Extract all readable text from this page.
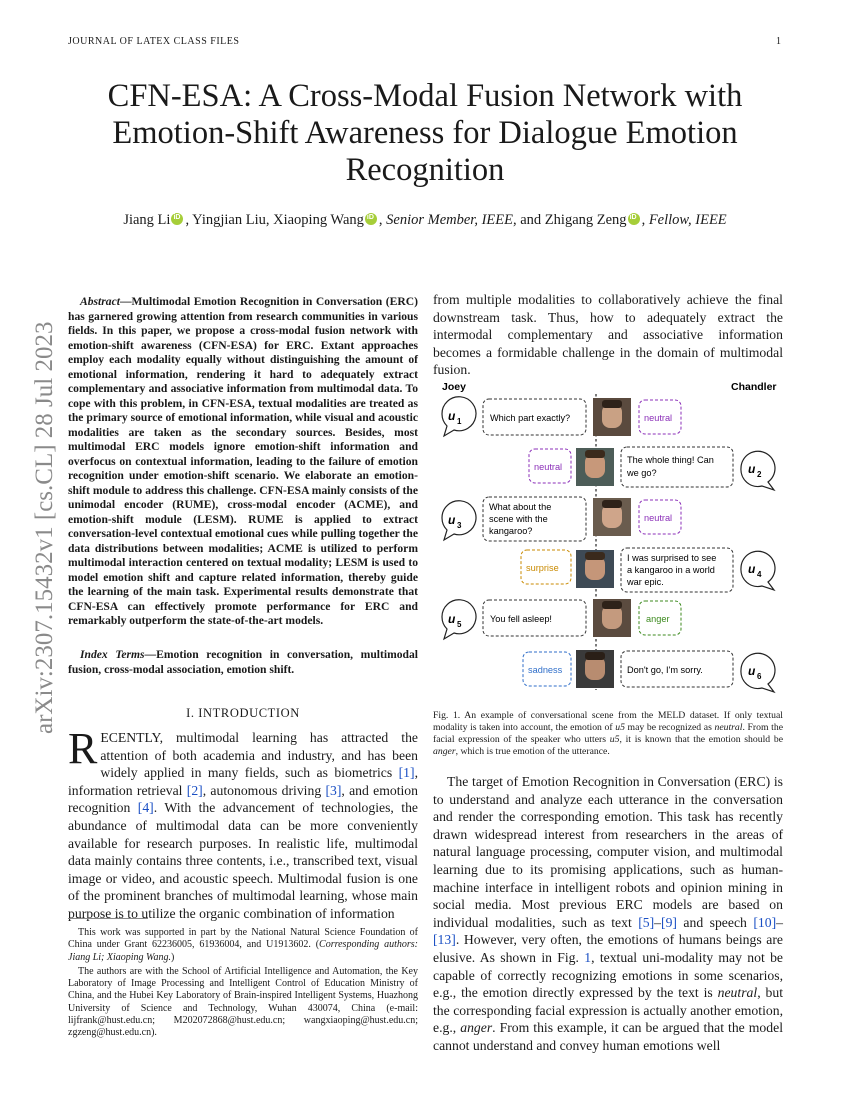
JOURNAL OF LATEX CLASS FILES	1
CFN-ESA: A Cross-Modal Fusion Network with Emotion-Shift Awareness for Dialogue Emotion Recognition
Jiang Li iD , Yingjian Liu, Xiaoping Wang iD , Senior Member, IEEE, and Zhigang Zeng iD , Fellow, IEEE
arXiv:2307.15432v1 [cs.CL] 28 Jul 2023
Abstract—Multimodal Emotion Recognition in Conversation (ERC) has garnered growing attention from research communities in various fields. In this paper, we propose a cross-modal fusion network with emotion-shift awareness (CFN-ESA) for ERC. Extant approaches employ each modality equally without distinguishing the amount of emotional information, rendering it hard to adequately extract complementary and associative information from multimodal data. To cope with this problem, in CFN-ESA, textual modalities are treated as the primary source of emotional information, while visual and acoustic modalities are taken as the secondary sources. Besides, most multimodal ERC models ignore emotion-shift information and overfocus on contextual information, leading to the failure of emotion recognition under emotion-shift scenario. We elaborate an emotion-shift module to address this challenge. CFN-ESA mainly consists of the unimodal encoder (RUME), cross-modal encoder (ACME), and emotion-shift module (LESM). RUME is applied to extract conversation-level contextual emotional cues while pulling together the data distributions between modalities; ACME is utilized to perform multimodal interaction centered on textual modality; LESM is used to model emotion shift and capture related information, thereby guide the learning of the main task. Experimental results demonstrate that CFN-ESA can effectively promote performance for ERC and remarkably outperform the state-of-the-art models.
Index Terms—Emotion recognition in conversation, multimodal fusion, cross-modal association, emotion shift.
I. INTRODUCTION
RECENTLY, multimodal learning has attracted the attention of both academia and industry, and has been widely applied in many fields, such as biometrics [1], information retrieval [2], autonomous driving [3], and emotion recognition [4]. With the advancement of technologies, the abundance of multimodal data can be more conveniently available for research purposes. In realistic life, multimodal data mainly contains three contents, i.e., transcribed text, visual image or video, and acoustic speech. Multimodal fusion is one of the prominent branches of multimodal learning, whose main purpose is to utilize the organic combination of information

This work was supported in part by the National Natural Science Foundation of China under Grant 62236005, 61936004, and U1913602. (Corresponding authors: Jiang Li; Xiaoping Wang.)

The authors are with the School of Artificial Intelligence and Automation, the Key Laboratory of Image Processing and Intelligent Control of Education Ministry of China, and the Hubei Key Laboratory of Brain-inspired Intelligent Systems, Huazhong University of Science and Technology, Wuhan 430074, China (e-mail: lijfrank@hust.edu.cn; M202072868@hust.edu.cn; wangxiaoping@hust.edu.cn; zgzeng@hust.edu.cn).

from multiple modalities to collaboratively achieve the final downstream task. Thus, how to adequately extract the intermodal complementary and associative information becomes a formidable challenge in the domain of multimodal fusion.
Joey	Chandler
u 1	Which part exactly?	neutral
neutral
The whole thing! Can
we go?	u 2
u 3
What about the
scene with the
kangaroo?
neutral
surprise
I was surprised to see
a kangaroo in a world
war epic.
u 4
u 5
You fell asleep!	anger
sadness	Don't go, I'm sorry.	u 6
Fig. 1. An example of conversational scene from the MELD dataset. If only textual modality is taken into account, the emotion of u5 may be recognized as neutral. From the facial expression of the speaker who utters u5, it is known that the emotion should be anger, which is true emotion of the utterance.

The target of Emotion Recognition in Conversation (ERC) is to understand and analyze each utterance in the conversation and render the corresponding emotion. This task has recently drawn widespread interest from researchers in the areas of natural language processing, computer vision, and multimodal learning due to its promising applications, such as human-machine interface in intelligent robots and opinion mining in social media. Most previous ERC models are based on individual modalities, such as text [5]–[9] and speech [10]–[13]. However, very often, the emotions of humans beings are elusive. As shown in Fig. 1, textual uni-modality may not be capable of correctly recognizing emotions in some scenarios, e.g., the emotion directly expressed by the text is neutral, but the corresponding facial expression is actually another emotion, e.g., anger. From this example, it can be argued that the model cannot understand and convey human emotions well
